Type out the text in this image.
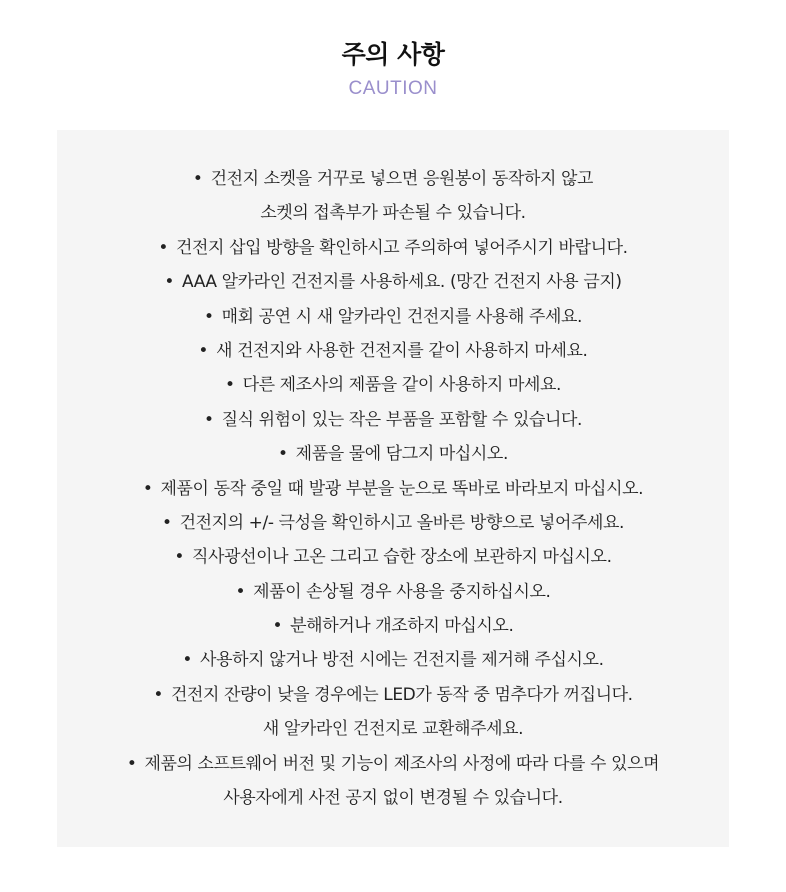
주의 사항
CAUTION
• 건전지 소켓을 거꾸로 넣으면 응원봉이 동작하지 않고
소켓의 접촉부가 파손될 수 있습니다.
• 건전지 삽입 방향을 확인하시고 주의하여 넣어주시기 바랍니다.
• AAA 알카라인 건전지를 사용하세요. (망간 건전지 사용 금지)
• 매회 공연 시 새 알카라인 건전지를 사용해 주세요.
• 새 건전지와 사용한 건전지를 같이 사용하지 마세요.
• 다른 제조사의 제품을 같이 사용하지 마세요.
• 질식 위험이 있는 작은 부품을 포함할 수 있습니다.
• 제품을 물에 담그지 마십시오.
• 제품이 동작 중일 때 발광 부분을 눈으로 똑바로 바라보지 마십시오.
• 건전지의 +/- 극성을 확인하시고 올바른 방향으로 넣어주세요.
• 직사광선이나 고온 그리고 습한 장소에 보관하지 마십시오.
• 제품이 손상될 경우 사용을 중지하십시오.
• 분해하거나 개조하지 마십시오.
• 사용하지 않거나 방전 시에는 건전지를 제거해 주십시오.
• 건전지 잔량이 낮을 경우에는 LED가 동작 중 멈추다가 꺼집니다.
새 알카라인 건전지로 교환해주세요.
• 제품의 소프트웨어 버전 및 기능이 제조사의 사정에 따라 다를 수 있으며
사용자에게 사전 공지 없이 변경될 수 있습니다.
